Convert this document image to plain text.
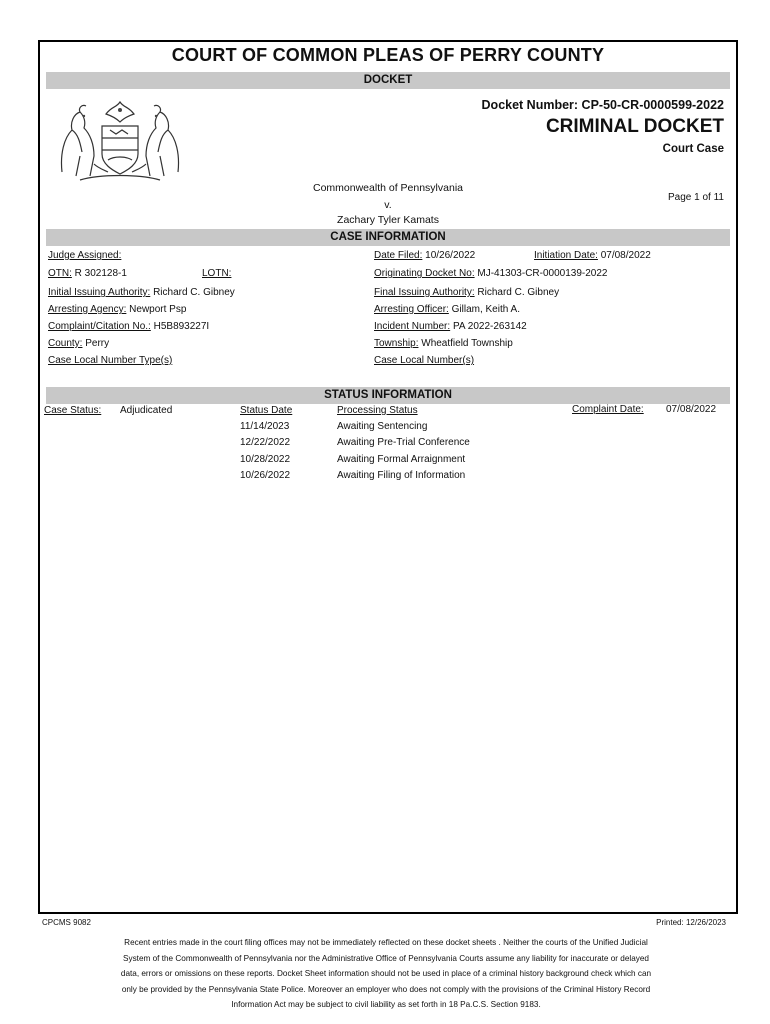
COURT OF COMMON PLEAS OF PERRY COUNTY
DOCKET
Docket Number: CP-50-CR-0000599-2022
CRIMINAL DOCKET
Court Case
Commonwealth of Pennsylvania
v.
Zachary Tyler Kamats
Page 1 of 11
CASE INFORMATION
Judge Assigned:	Date Filed: 10/26/2022	Initiation Date: 07/08/2022
OTN: R 302128-1	LOTN:	Originating Docket No: MJ-41303-CR-0000139-2022
Initial Issuing Authority: Richard C. Gibney	Final Issuing Authority: Richard C. Gibney
Arresting Agency: Newport Psp	Arresting Officer: Gillam, Keith A.
Complaint/Citation No.: H5B893227I	Incident Number: PA 2022-263142
County: Perry	Township: Wheatfield Township
Case Local Number Type(s)	Case Local Number(s)
STATUS INFORMATION
Case Status: Adjudicated	Status Date	Processing Status	Complaint Date: 07/08/2022
11/14/2023	Awaiting Sentencing
12/22/2022	Awaiting Pre-Trial Conference
10/28/2022	Awaiting Formal Arraignment
10/26/2022	Awaiting Filing of Information
CPCMS 9082	Printed: 12/26/2023
Recent entries made in the court filing offices may not be immediately reflected on these docket sheets . Neither the courts of the Unified Judicial
System of the Commonwealth of Pennsylvania nor the Administrative Office of Pennsylvania Courts assume any liability for inaccurate or delayed
data, errors or omissions on these reports. Docket Sheet information should not be used in place of a criminal history background check which can
only be provided by the Pennsylvania State Police. Moreover an employer who does not comply with the provisions of the Criminal History Record
Information Act may be subject to civil liability as set forth in 18 Pa.C.S. Section 9183.
